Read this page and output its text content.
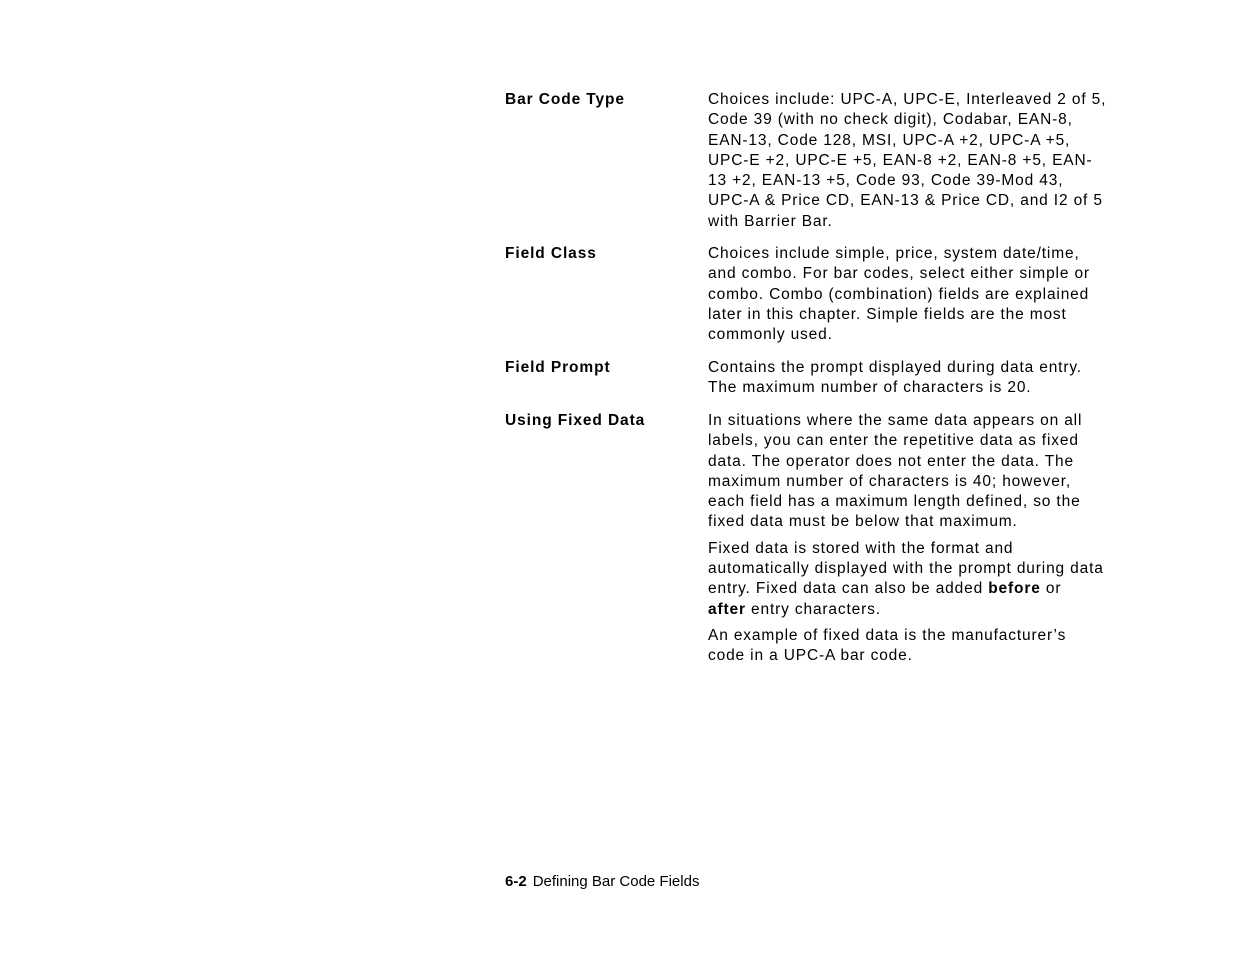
Bar Code Type	Choices include: UPC-A, UPC-E, Interleaved 2 of 5,
Code 39 (with no check digit), Codabar, EAN-8,
EAN-13, Code 128, MSI, UPC-A +2, UPC-A +5,
UPC-E +2, UPC-E +5, EAN-8 +2, EAN-8 +5, EAN-
13 +2, EAN-13 +5, Code 93, Code 39-Mod 43,
UPC-A & Price CD, EAN-13 & Price CD, and I2 of 5
with Barrier Bar.

Field Class	Choices include simple, price, system date/time,
and combo. For bar codes, select either simple or
combo. Combo (combination) fields are explained
later in this chapter. Simple fields are the most
commonly used.

Field Prompt	Contains the prompt displayed during data entry.
The maximum number of characters is 20.

Using Fixed Data	In situations where the same data appears on all
labels, you can enter the repetitive data as fixed
data. The operator does not enter the data. The
maximum number of characters is 40; however,
each field has a maximum length defined, so the
fixed data must be below that maximum.

Fixed data is stored with the format and
automatically displayed with the prompt during data
entry. Fixed data can also be added before or
after entry characters.

An example of fixed data is the manufacturer’s
code in a UPC-A bar code.

6-2 Defining Bar Code Fields
